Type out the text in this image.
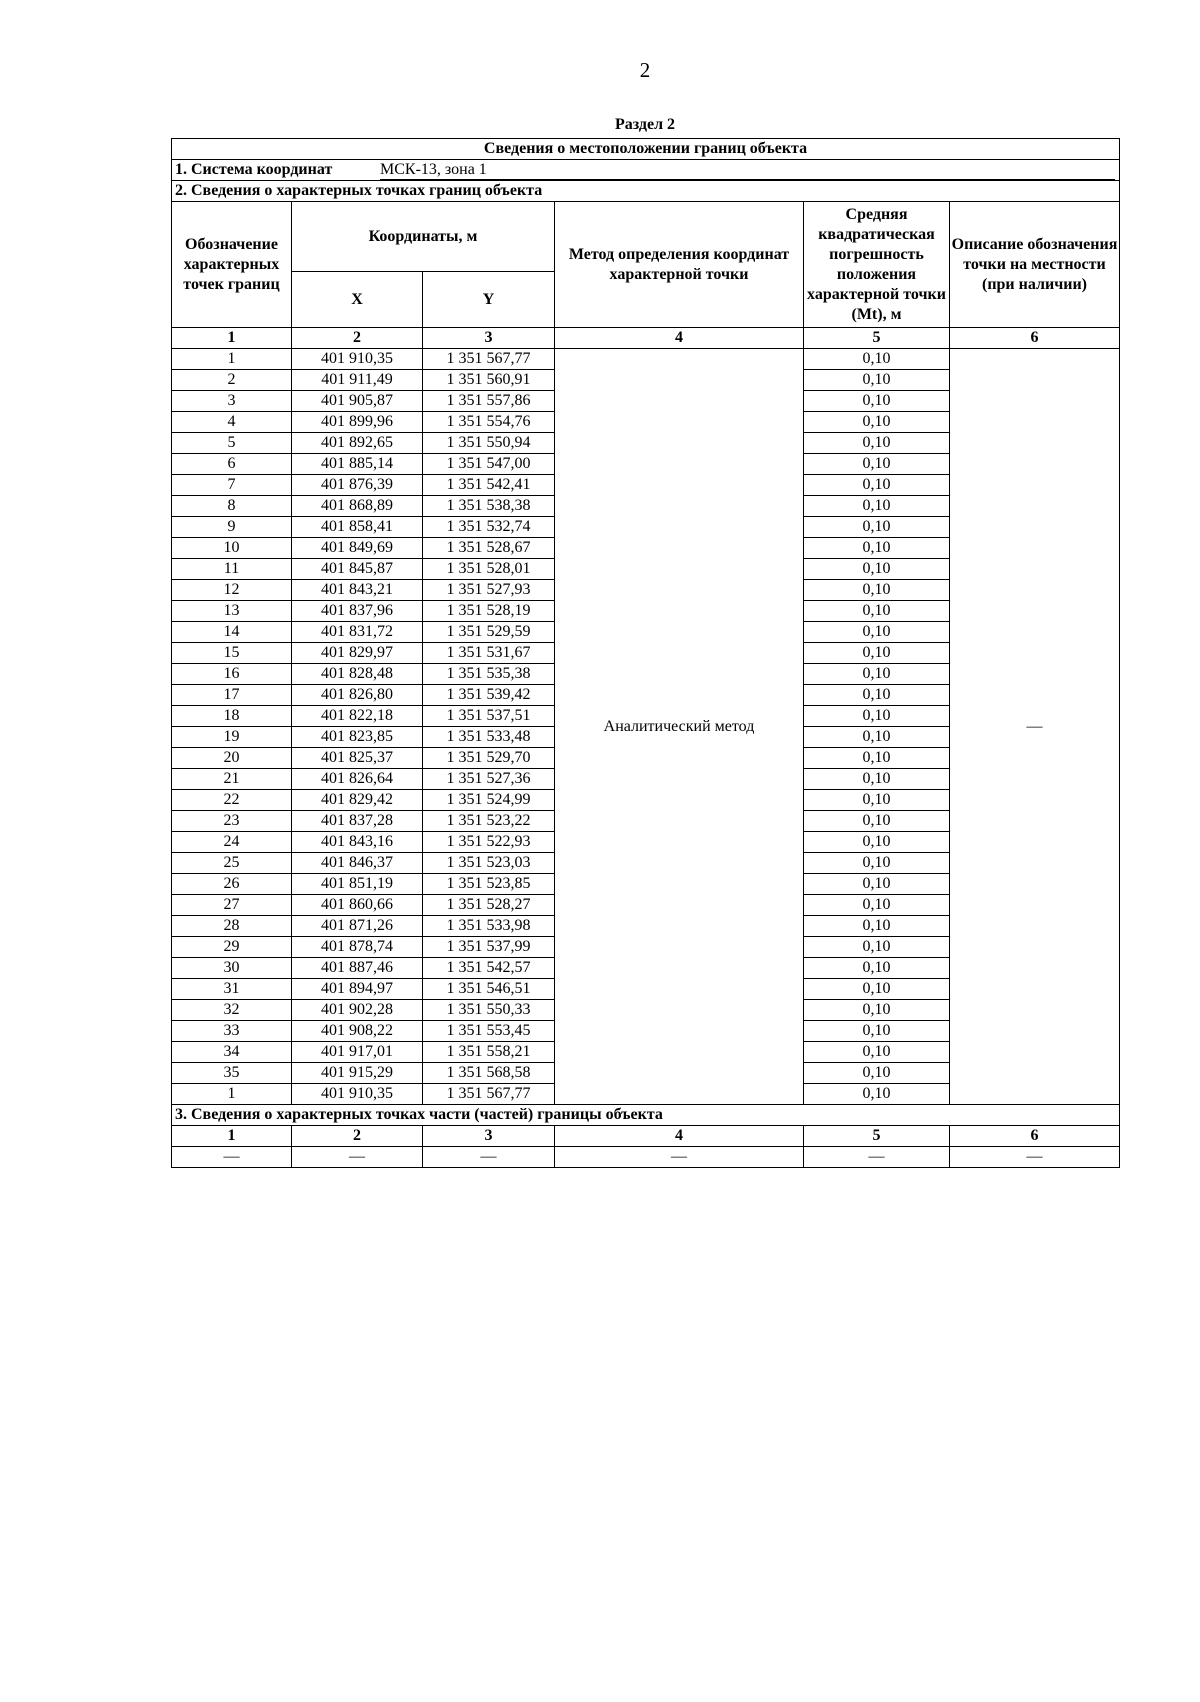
2
Раздел 2
Сведения о местоположении границ объекта					
1. Система координат МСК-13, зона 1					
2. Сведения о характерных точках границ объекта					
Обозначение характерных точек границ	Координаты, м		Метод определения координат характерной точки	Средняя квадратическая погрешность положения характерной точки (Mt), м	Описание обозначения точки на местности (при наличии)
	X	Y			
1	2	3	4	5	6
1	401 910,35	1 351 567,77	Аналитический метод	0,10	—
2	401 911,49	1 351 560,91		0,10	
3	401 905,87	1 351 557,86		0,10	
4	401 899,96	1 351 554,76		0,10	
5	401 892,65	1 351 550,94		0,10	
6	401 885,14	1 351 547,00		0,10	
7	401 876,39	1 351 542,41		0,10	
8	401 868,89	1 351 538,38		0,10	
9	401 858,41	1 351 532,74		0,10	
10	401 849,69	1 351 528,67		0,10	
11	401 845,87	1 351 528,01		0,10	
12	401 843,21	1 351 527,93		0,10	
13	401 837,96	1 351 528,19		0,10	
14	401 831,72	1 351 529,59		0,10	
15	401 829,97	1 351 531,67		0,10	
16	401 828,48	1 351 535,38		0,10	
17	401 826,80	1 351 539,42		0,10	
18	401 822,18	1 351 537,51		0,10	
19	401 823,85	1 351 533,48		0,10	
20	401 825,37	1 351 529,70		0,10	
21	401 826,64	1 351 527,36		0,10	
22	401 829,42	1 351 524,99		0,10	
23	401 837,28	1 351 523,22		0,10	
24	401 843,16	1 351 522,93		0,10	
25	401 846,37	1 351 523,03		0,10	
26	401 851,19	1 351 523,85		0,10	
27	401 860,66	1 351 528,27		0,10	
28	401 871,26	1 351 533,98		0,10	
29	401 878,74	1 351 537,99		0,10	
30	401 887,46	1 351 542,57		0,10	
31	401 894,97	1 351 546,51		0,10	
32	401 902,28	1 351 550,33		0,10	
33	401 908,22	1 351 553,45		0,10	
34	401 917,01	1 351 558,21		0,10	
35	401 915,29	1 351 568,58		0,10	
1	401 910,35	1 351 567,77		0,10	
3. Сведения о характерных точках части (частей) границы объекта					
1	2	3	4	5	6
—	—	—	—	—	—
